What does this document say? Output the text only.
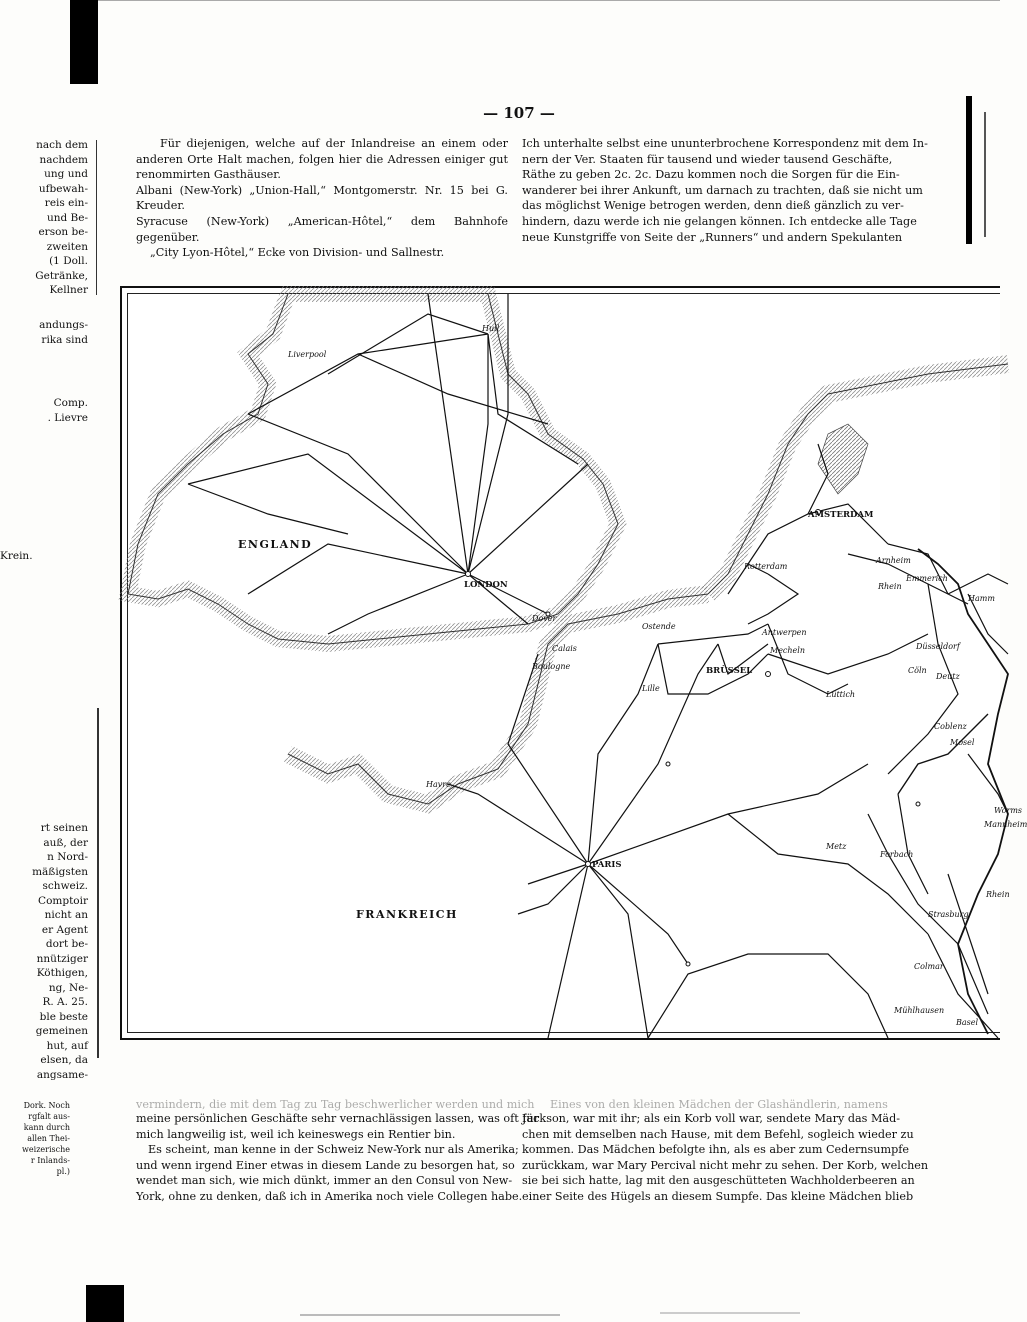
nach dem
nachdem
ung und
ufbewah-
reis ein-
und Be-
erson be-
zweiten
(1 Doll.
Getränke,
Kellner
andungs-
rika sind
Comp.
. Lievre
Krein.
rt seinen
auß, der
n Nord-
mäßigsten
schweiz.
Comptoir
nicht an
er Agent
dort be-
nnütziger
Köthigen,
ng, Ne-
R. A. 25.
ble beste
gemeinen
hut, auf
elsen, da
angsame-
Dork. Noch
rgfalt aus-
kann durch
allen Thei-
weizerische
r Inlands-
pl.)
— 107 —

Für diejenigen, welche auf der Inlandreise an einem oder anderen Orte Halt machen, folgen hier die Adressen einiger gut renommirten Gasthäuser.

Albani (New-York) „Union-Hall,“ Montgomerstr. Nr. 15 bei G. Kreuder.

Syracuse (New-York) „American-Hôtel,“ dem Bahnhofe gegenüber.

„City Lyon-Hôtel,“ Ecke von Division- und Sallnestr.

Ich unterhalte selbst eine ununterbrochene Korrespondenz mit dem In-

nern der Ver. Staaten für tausend und wieder tausend Geschäfte,

Räthe zu geben 2c. 2c. Dazu kommen noch die Sorgen für die Ein-

wanderer bei ihrer Ankunft, um darnach zu trachten, daß sie nicht um

das möglichst Wenige betrogen werden, denn dieß gänzlich zu ver-

hindern, dazu werde ich nie gelangen können. Ich entdecke alle Tage

neue Kunstgriffe von Seite der „Runners“ und andern Spekulanten

ENGLAND
FRANKREICH
LONDON
PARIS
AMSTERDAM
BRÜSSEL
Liverpool
Hull
Dover
Boulogne
Calais
Ostende
Lille
Havre
Rotterdam
Antwerpen
Mecheln
Lüttich
Arnheim
Emmerich
Rhein
Hamm
Düsseldorf
Cöln
Deutz
Coblenz
Mosel
Worms
Mannheim
Metz
Forbach
Strasburg
Rhein
Colmar
Mühlhausen
Basel

vermindern, die mit dem Tag zu Tag beschwerlicher werden und mich

meine persönlichen Geschäfte sehr vernachlässigen lassen, was oft für

mich langweilig ist, weil ich keineswegs ein Rentier bin.

Es scheint, man kenne in der Schweiz New-York nur als Amerika;

und wenn irgend Einer etwas in diesem Lande zu besorgen hat, so

wendet man sich, wie mich dünkt, immer an den Consul von New-

York, ohne zu denken, daß ich in Amerika noch viele Collegen habe.

Eines von den kleinen Mädchen der Glashändlerin, namens

Jackson, war mit ihr; als ein Korb voll war, sendete Mary das Mäd-

chen mit demselben nach Hause, mit dem Befehl, sogleich wieder zu

kommen. Das Mädchen befolgte ihn, als es aber zum Cedernsumpfe

zurückkam, war Mary Percival nicht mehr zu sehen. Der Korb, welchen

sie bei sich hatte, lag mit den ausgeschütteten Wachholderbeeren an

einer Seite des Hügels an diesem Sumpfe. Das kleine Mädchen blieb
